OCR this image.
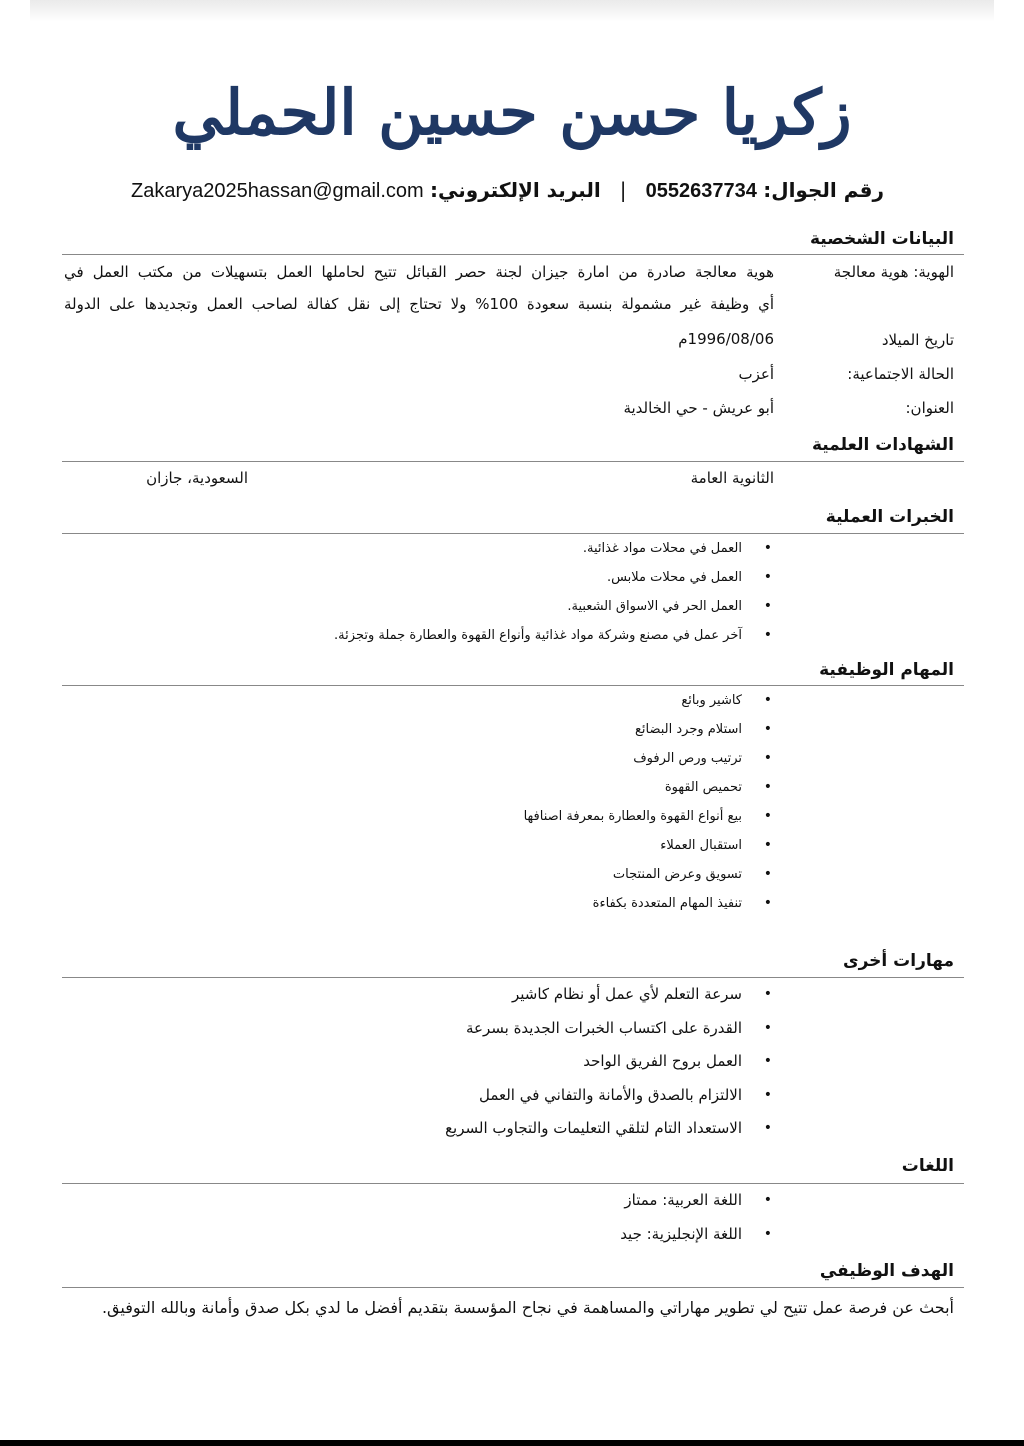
زكريا حسن حسين الحملي
رقم الجوال: 0552637734   |   البريد الإلكتروني: Zakarya2025hassan@gmail.com
البيانات الشخصية
الهوية: هوية معالجة
هوية معالجة صادرة من امارة جيزان لجنة حصر القبائل تتيح لحاملها العمل بتسهيلات من مكتب العمل في
أي وظيفة غير مشمولة بنسبة سعودة 100% ولا تحتاج إلى نقل كفالة لصاحب العمل وتجديدها على الدولة
تاريخ الميلاد
1996/08/06م
الحالة الاجتماعية:
أعزب
العنوان:
أبو عريش - حي الخالدية
الشهادات العلمية
الثانوية العامة
السعودية، جازان
الخبرات العملية
• العمل في محلات مواد غذائية.
• العمل في محلات ملابس.
• العمل الحر في الاسواق الشعبية.
• آخر عمل في مصنع وشركة مواد غذائية وأنواع القهوة والعطارة جملة وتجزئة.
المهام الوظيفية
• كاشير وبائع
• استلام وجرد البضائع
• ترتيب ورص الرفوف
• تحميص القهوة
• بيع أنواع القهوة والعطارة بمعرفة اصنافها
• استقبال العملاء
• تسويق وعرض المنتجات
• تنفيذ المهام المتعددة بكفاءة
مهارات أخرى
• سرعة التعلم لأي عمل أو نظام كاشير
• القدرة على اكتساب الخبرات الجديدة بسرعة
• العمل بروح الفريق الواحد
• الالتزام بالصدق والأمانة والتفاني في العمل
• الاستعداد التام لتلقي التعليمات والتجاوب السريع
اللغات
• اللغة العربية: ممتاز
• اللغة الإنجليزية: جيد
الهدف الوظيفي
أبحث عن فرصة عمل تتيح لي تطوير مهاراتي والمساهمة في نجاح المؤسسة بتقديم أفضل ما لدي بكل صدق وأمانة وبالله التوفيق.
